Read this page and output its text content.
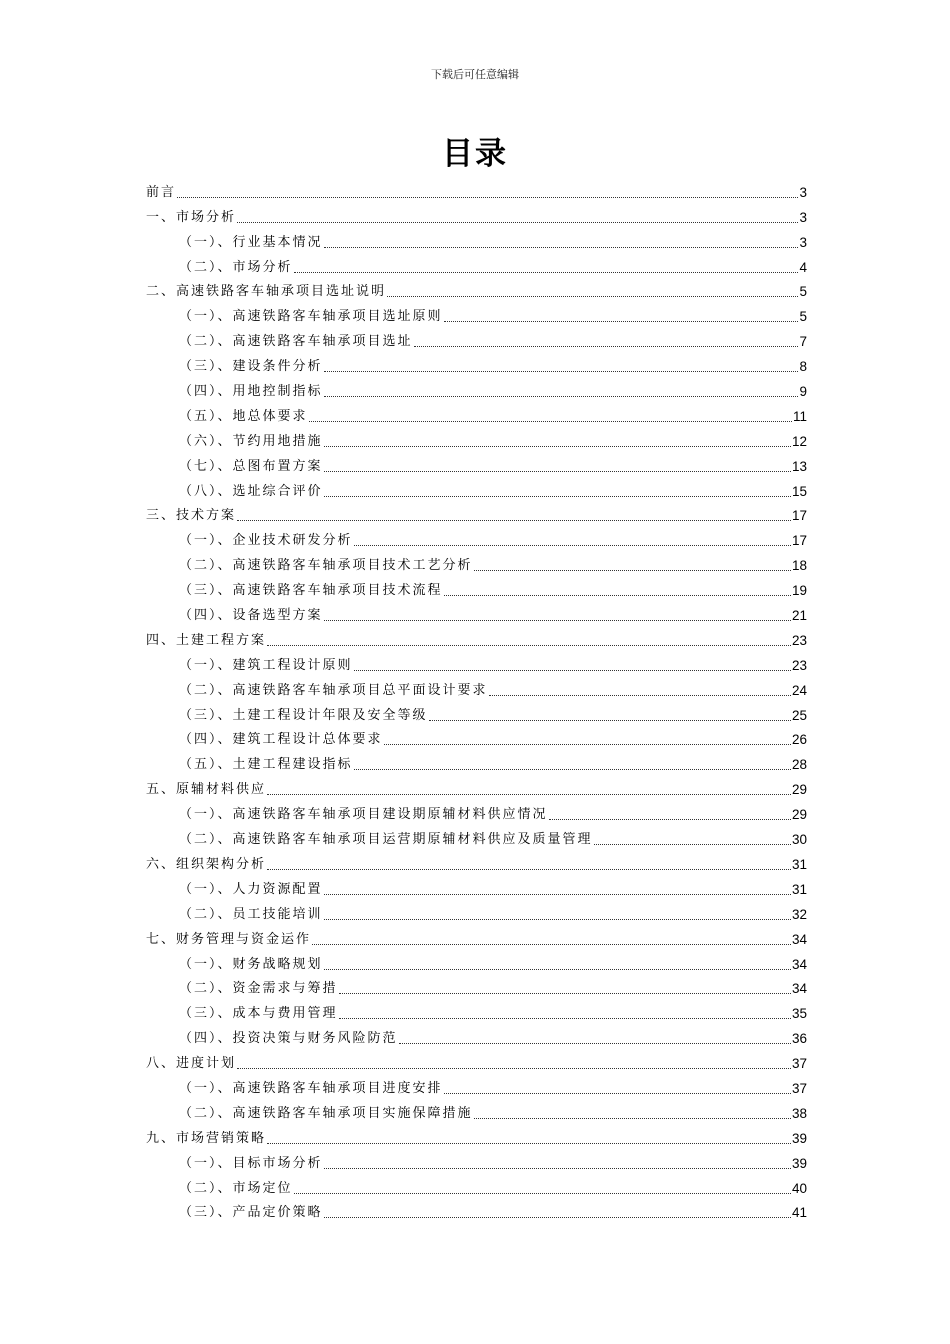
下载后可任意编辑
目录
前言	3
一、市场分析	3
（一）、行业基本情况	3
（二）、市场分析	4
二、高速铁路客车轴承项目选址说明	5
（一）、高速铁路客车轴承项目选址原则	5
（二）、高速铁路客车轴承项目选址	7
（三）、建设条件分析	8
（四）、用地控制指标	9
（五）、地总体要求	11
（六）、节约用地措施	12
（七）、总图布置方案	13
（八）、选址综合评价	15
三、技术方案	17
（一）、企业技术研发分析	17
（二）、高速铁路客车轴承项目技术工艺分析	18
（三）、高速铁路客车轴承项目技术流程	19
（四）、设备选型方案	21
四、土建工程方案	23
（一）、建筑工程设计原则	23
（二）、高速铁路客车轴承项目总平面设计要求	24
（三）、土建工程设计年限及安全等级	25
（四）、建筑工程设计总体要求	26
（五）、土建工程建设指标	28
五、原辅材料供应	29
（一）、高速铁路客车轴承项目建设期原辅材料供应情况	29
（二）、高速铁路客车轴承项目运营期原辅材料供应及质量管理	30
六、组织架构分析	31
（一）、人力资源配置	31
（二）、员工技能培训	32
七、财务管理与资金运作	34
（一）、财务战略规划	34
（二）、资金需求与筹措	34
（三）、成本与费用管理	35
（四）、投资决策与财务风险防范	36
八、进度计划	37
（一）、高速铁路客车轴承项目进度安排	37
（二）、高速铁路客车轴承项目实施保障措施	38
九、市场营销策略	39
（一）、目标市场分析	39
（二）、市场定位	40
（三）、产品定价策略	41
